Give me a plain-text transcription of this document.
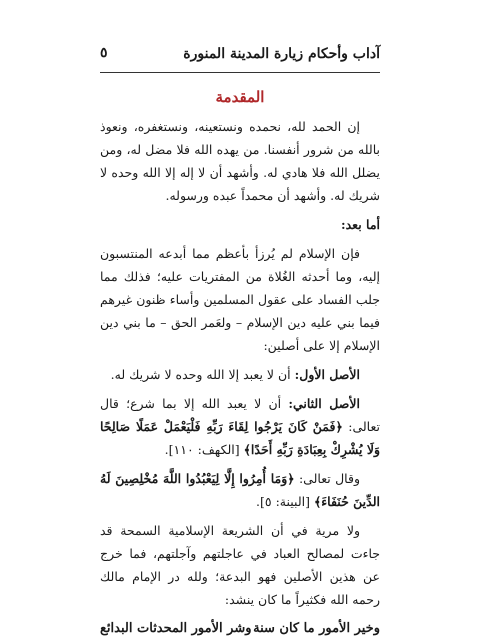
آداب وأحكام زيارة المدينة المنورة
٥
المقدمة

إن الحمد لله، نحمده ونستعينه، ونستغفره، ونعوذ بالله من شرور أنفسنا. من يهده الله فلا مضل له، ومن يضلل الله فلا هادي له. وأشهد أن لا إله إلا الله وحده لا شريك له. وأشهد أن محمداً عبده ورسوله.

أما بعد:

فإن الإسلام لم يُرزأ بأعظم مما أبدعه المنتسبون إليه، وما أحدثه الغُلاة من المفتريات عليه؛ فذلك مما جلب الفساد على عقول المسلمين وأساء ظنون غيرهم فيما بني عليه دين الإسلام – ولعَمر الحق – ما بني دين الإسلام إلا على أصلين:

الأصل الأول: أن لا يعبد إلا الله وحده لا شريك له.

الأصل الثاني: أن لا يعبد الله إلا بما شرع؛ قال تعالى: ﴿فَمَنْ كَانَ يَرْجُوا لِقَاءَ رَبِّهِ فَلْيَعْمَلْ عَمَلًا صَالِحًا وَلَا يُشْرِكْ بِعِبَادَةِ رَبِّهِ أَحَدًا﴾ [الكهف: ١١٠].

وقال تعالى: ﴿وَمَا أُمِرُوا إِلَّا لِيَعْبُدُوا اللَّهَ مُخْلِصِينَ لَهُ الدِّينَ حُنَفَاءَ﴾ [البينة: ٥].

ولا مرية في أن الشريعة الإسلامية السمحة قد جاءت لمصالح العباد في عاجلتهم وآجلتهم، فما خرج عن هذين الأصلين فهو البدعة؛ ولله در الإمام مالك رحمه الله فكثيراً ما كان ينشد:

وخير الأمور ما كان سنة
وشر الأمور المحدثات البدائع
